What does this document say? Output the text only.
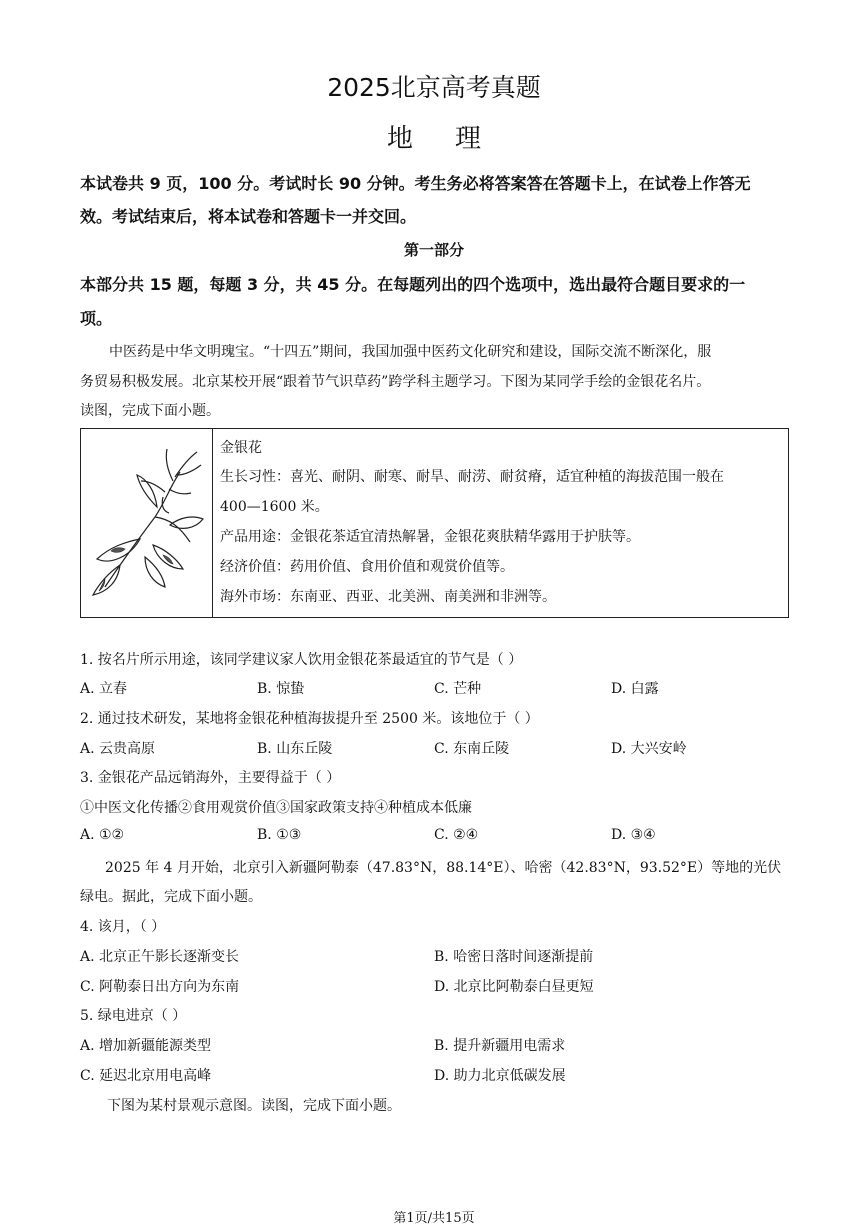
2025北京高考真题
地理
本试卷共 9 页，100 分。考试时长 90 分钟。考生务必将答案答在答题卡上，在试卷上作答无
效。考试结束后，将本试卷和答题卡一并交回。
第一部分
本部分共 15 题，每题 3 分，共 45 分。在每题列出的四个选项中，选出最符合题目要求的一
项。
中医药是中华文明瑰宝。“十四五”期间，我国加强中医药文化研究和建设，国际交流不断深化，服
务贸易积极发展。北京某校开展“跟着节气识草药”跨学科主题学习。下图为某同学手绘的金银花名片。
读图，完成下面小题。
金银花
生长习性：喜光、耐阴、耐寒、耐旱、耐涝、耐贫瘠，适宜种植的海拔范围一般在
400—1600 米。
产品用途：金银花茶适宜清热解暑，金银花爽肤精华露用于护肤等。
经济价值：药用价值、食用价值和观赏价值等。
海外市场：东南亚、西亚、北美洲、南美洲和非洲等。
1. 按名片所示用途，该同学建议家人饮用金银花茶最适宜的节气是（ ）
A. 立春	B. 惊蛰	C. 芒种	D. 白露
2. 通过技术研发，某地将金银花种植海拔提升至 2500 米。该地位于（ ）
A. 云贵高原	B. 山东丘陵	C. 东南丘陵	D. 大兴安岭
3. 金银花产品远销海外，主要得益于（ ）
①中医文化传播②食用观赏价值③国家政策支持④种植成本低廉
A. ①②	B. ①③	C. ②④	D. ③④
2025 年 4 月开始，北京引入新疆阿勒泰（47.83°N，88.14°E）、哈密（42.83°N，93.52°E）等地的光伏
绿电。据此，完成下面小题。
4. 该月，（ ）
A. 北京正午影长逐渐变长	B. 哈密日落时间逐渐提前
C. 阿勒泰日出方向为东南	D. 北京比阿勒泰白昼更短
5. 绿电进京（ ）
A. 增加新疆能源类型	B. 提升新疆用电需求
C. 延迟北京用电高峰	D. 助力北京低碳发展
下图为某村景观示意图。读图，完成下面小题。
第1页/共15页
